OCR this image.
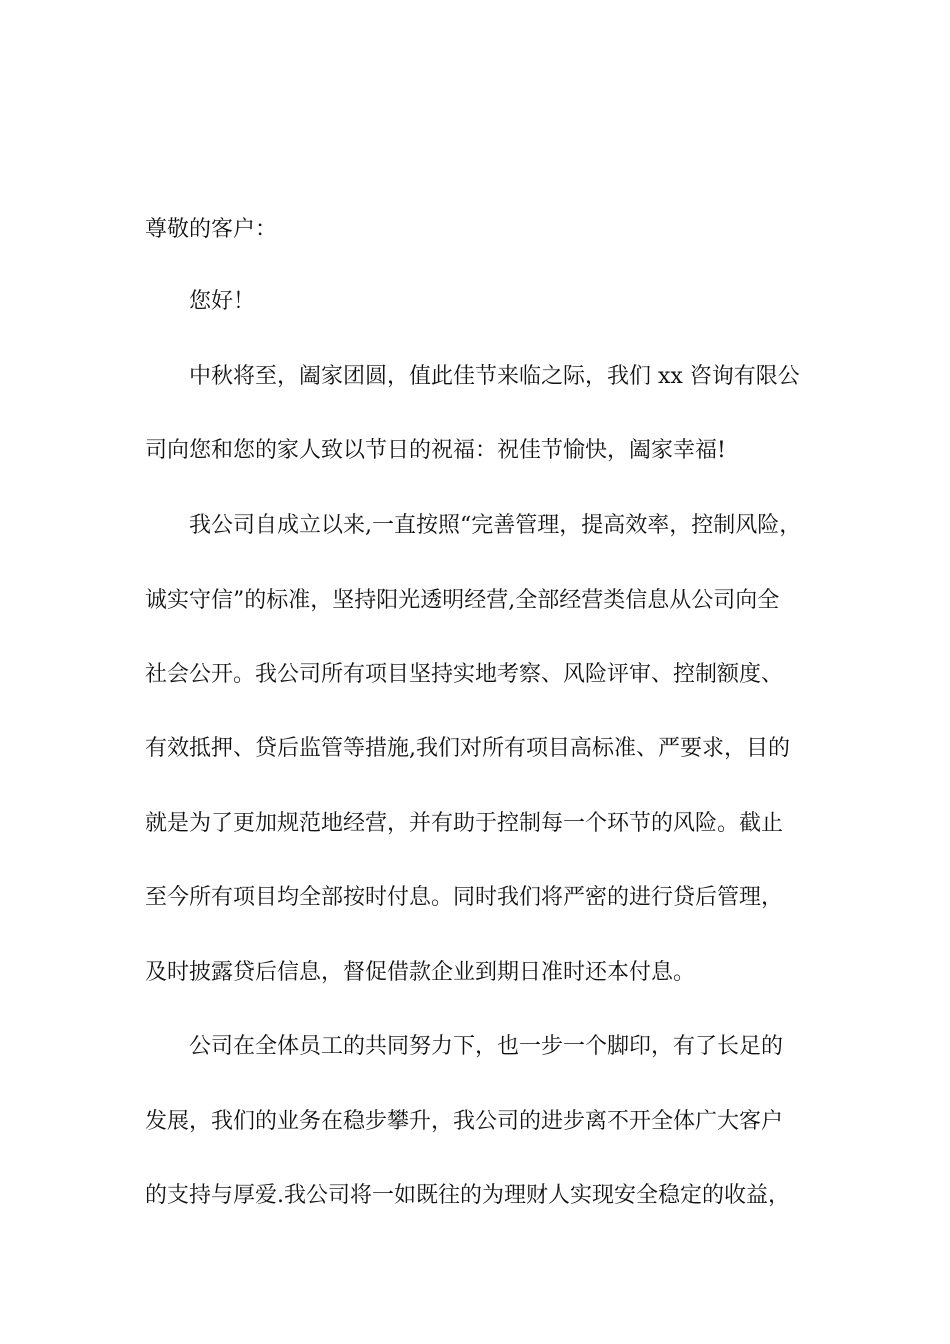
尊敬的客户：

您好！

中秋将至，阖家团圆，值此佳节来临之际，我们 xx 咨询有限公

司向您和您的家人致以节日的祝福：祝佳节愉快，阖家幸福!

我公司自成立以来,一直按照“完善管理，提高效率，控制风险，

诚实守信”的标准，坚持阳光透明经营,全部经营类信息从公司向全

社会公开。我公司所有项目坚持实地考察、风险评审、控制额度、

有效抵押、贷后监管等措施,我们对所有项目高标准、严要求，目的

就是为了更加规范地经营，并有助于控制每一个环节的风险。截止

至今所有项目均全部按时付息。同时我们将严密的进行贷后管理，

及时披露贷后信息，督促借款企业到期日准时还本付息。

公司在全体员工的共同努力下，也一步一个脚印，有了长足的

发展，我们的业务在稳步攀升，我公司的进步离不开全体广大客户

的支持与厚爱.我公司将一如既往的为理财人实现安全稳定的收益，
